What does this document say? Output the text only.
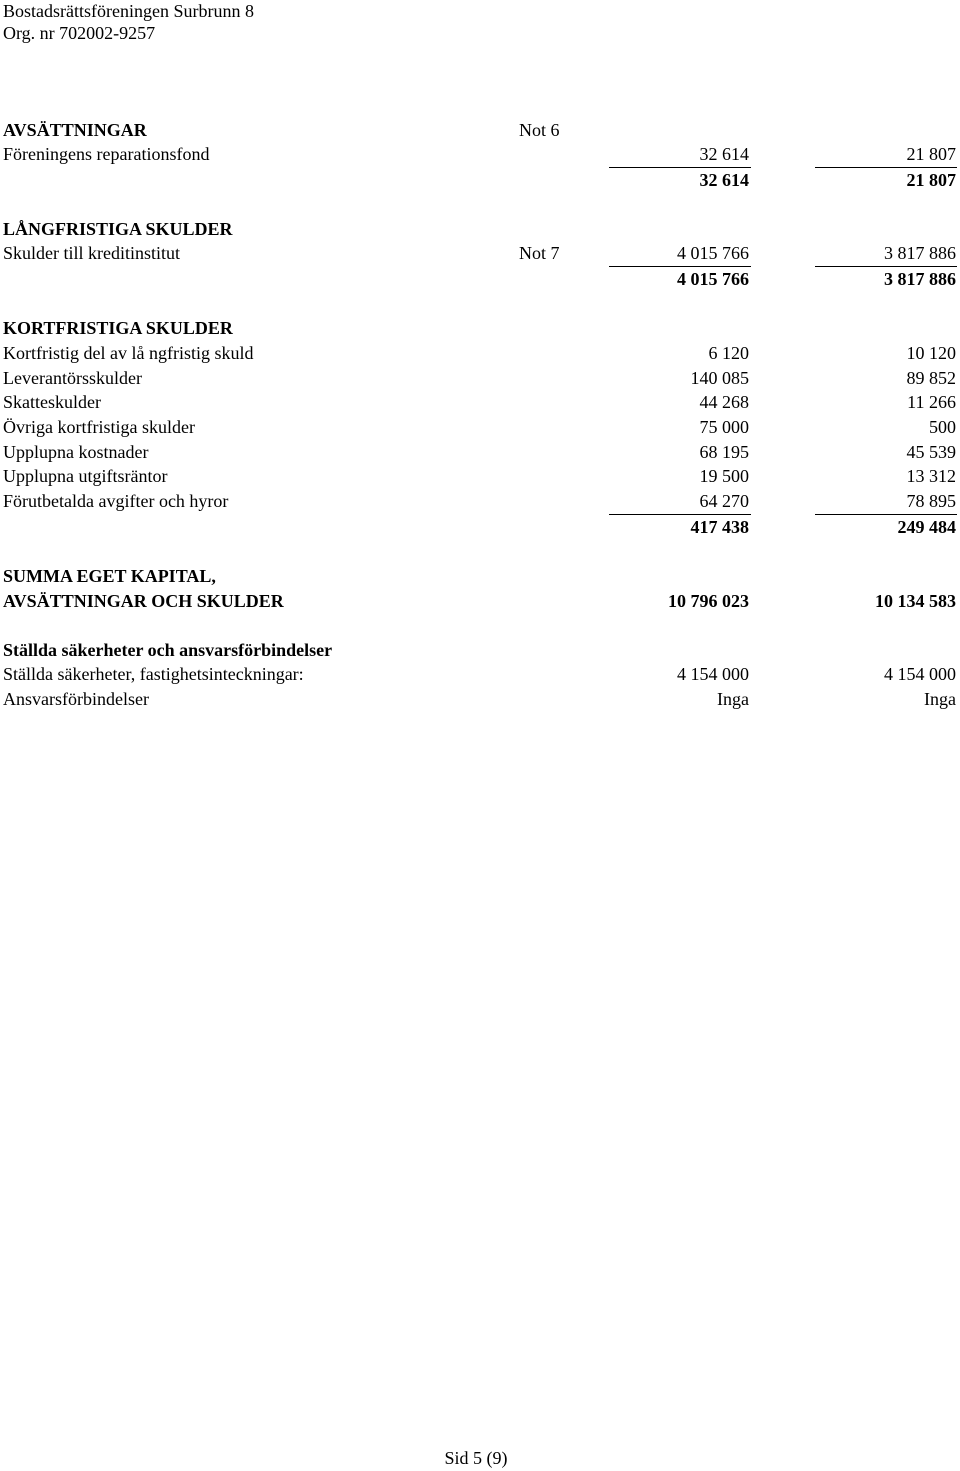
Bostadsrättsföreningen Surbrunn 8
Org. nr 702002-9257
AVSÄTTNINGAR	Not 6
Föreningens reparationsfond	32 614	21 807
32 614	21 807
LÅNGFRISTIGA SKULDER
Skulder till kreditinstitut	Not 7	4 015 766	3 817 886
4 015 766	3 817 886
KORTFRISTIGA SKULDER
Kortfristig del av lå ngfristig skuld	6 120	10 120
Leverantörsskulder	140 085	89 852
Skatteskulder	44 268	11 266
Övriga kortfristiga skulder	75 000	500
Upplupna kostnader	68 195	45 539
Upplupna utgiftsräntor	19 500	13 312
Förutbetalda avgifter och hyror	64 270	78 895
417 438	249 484
SUMMA EGET KAPITAL,
AVSÄTTNINGAR OCH SKULDER	10 796 023	10 134 583
Ställda säkerheter och ansvarsförbindelser
Ställda säkerheter, fastighetsinteckningar:	4 154 000	4 154 000
Ansvarsförbindelser	Inga	Inga
Sid 5 (9)
